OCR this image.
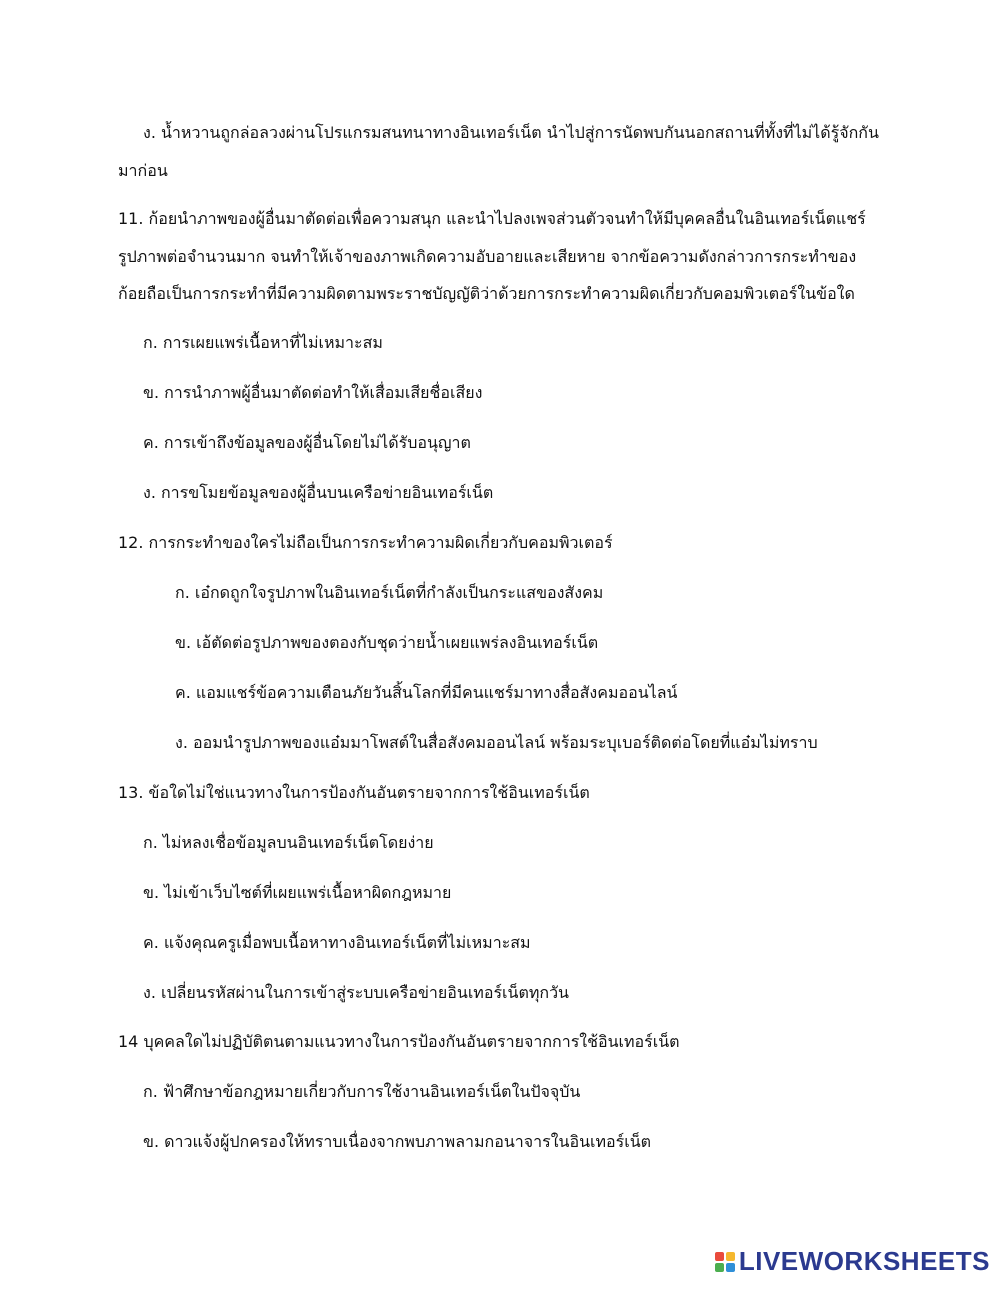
ง. น้ำหวานถูกล่อลวงผ่านโปรแกรมสนทนาทางอินเทอร์เน็ต นำไปสู่การนัดพบกันนอกสถานที่ทั้งที่ไม่ได้รู้จักกัน
มาก่อน
11. ก้อยนำภาพของผู้อื่นมาตัดต่อเพื่อความสนุก และนำไปลงเพจส่วนตัวจนทำให้มีบุคคลอื่นในอินเทอร์เน็ตแชร์
รูปภาพต่อจำนวนมาก จนทำให้เจ้าของภาพเกิดความอับอายและเสียหาย จากข้อความดังกล่าวการกระทำของ
ก้อยถือเป็นการกระทำที่มีความผิดตามพระราชบัญญัติว่าด้วยการกระทำความผิดเกี่ยวกับคอมพิวเตอร์ในข้อใด
ก. การเผยแพร่เนื้อหาที่ไม่เหมาะสม
ข. การนำภาพผู้อื่นมาตัดต่อทำให้เสื่อมเสียชื่อเสียง
ค. การเข้าถึงข้อมูลของผู้อื่นโดยไม่ได้รับอนุญาต
ง. การขโมยข้อมูลของผู้อื่นบนเครือข่ายอินเทอร์เน็ต
12. การกระทำของใครไม่ถือเป็นการกระทำความผิดเกี่ยวกับคอมพิวเตอร์
ก. เอ๋กดถูกใจรูปภาพในอินเทอร์เน็ตที่กำลังเป็นกระแสของสังคม
ข. เอ้ตัดต่อรูปภาพของตองกับชุดว่ายน้ำเผยแพร่ลงอินเทอร์เน็ต
ค. แอมแชร์ข้อความเตือนภัยวันสิ้นโลกที่มีคนแชร์มาทางสื่อสังคมออนไลน์
ง. ออมนำรูปภาพของแอ๋มมาโพสต์ในสื่อสังคมออนไลน์ พร้อมระบุเบอร์ติดต่อโดยที่แอ๋มไม่ทราบ
13. ข้อใดไม่ใช่แนวทางในการป้องกันอันตรายจากการใช้อินเทอร์เน็ต
ก. ไม่หลงเชื่อข้อมูลบนอินเทอร์เน็ตโดยง่าย
ข. ไม่เข้าเว็บไซต์ที่เผยแพร่เนื้อหาผิดกฎหมาย
ค. แจ้งคุณครูเมื่อพบเนื้อหาทางอินเทอร์เน็ตที่ไม่เหมาะสม
ง. เปลี่ยนรหัสผ่านในการเข้าสู่ระบบเครือข่ายอินเทอร์เน็ตทุกวัน
14 บุคคลใดไม่ปฏิบัติตนตามแนวทางในการป้องกันอันตรายจากการใช้อินเทอร์เน็ต
ก. ฟ้าศึกษาข้อกฎหมายเกี่ยวกับการใช้งานอินเทอร์เน็ตในปัจจุบัน
ข. ดาวแจ้งผู้ปกครองให้ทราบเนื่องจากพบภาพลามกอนาจารในอินเทอร์เน็ต
LIVEWORKSHEETS
